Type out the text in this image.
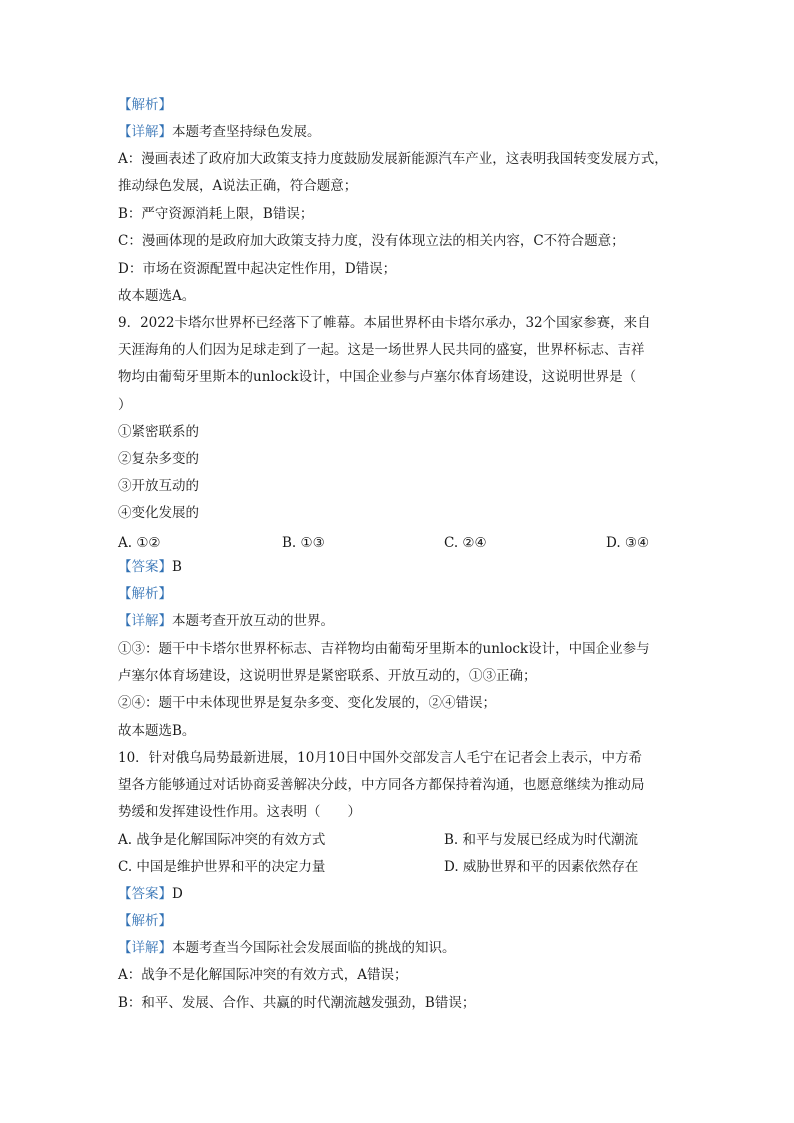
【解析】
【详解】本题考查坚持绿色发展。
A：漫画表述了政府加大政策支持力度鼓励发展新能源汽车产业，这表明我国转变发展方式，
推动绿色发展，A说法正确，符合题意；
B：严守资源消耗上限，B错误；
C：漫画体现的是政府加大政策支持力度，没有体现立法的相关内容，C不符合题意；
D：市场在资源配置中起决定性作用，D错误；
故本题选A。
9．2022卡塔尔世界杯已经落下了帷幕。本届世界杯由卡塔尔承办，32个国家参赛，来自
天涯海角的人们因为足球走到了一起。这是一场世界人民共同的盛宴，世界杯标志、吉祥
物均由葡萄牙里斯本的unlock设计，中国企业参与卢塞尔体育场建设，这说明世界是（
）
①紧密联系的
②复杂多变的
③开放互动的
④变化发展的
A. ①②	B. ①③	C. ②④	D. ③④
【答案】B
【解析】
【详解】本题考查开放互动的世界。
①③：题干中卡塔尔世界杯标志、吉祥物均由葡萄牙里斯本的unlock设计，中国企业参与
卢塞尔体育场建设，这说明世界是紧密联系、开放互动的，①③正确；
②④：题干中未体现世界是复杂多变、变化发展的，②④错误；
故本题选B。
10．针对俄乌局势最新进展，10月10日中国外交部发言人毛宁在记者会上表示，中方希
望各方能够通过对话协商妥善解决分歧，中方同各方都保持着沟通，也愿意继续为推动局
势缓和发挥建设性作用。这表明（　　）
A. 战争是化解国际冲突的有效方式	B. 和平与发展已经成为时代潮流
C. 中国是维护世界和平的决定力量	D. 威胁世界和平的因素依然存在
【答案】D
【解析】
【详解】本题考查当今国际社会发展面临的挑战的知识。
A：战争不是化解国际冲突的有效方式，A错误；
B：和平、发展、合作、共赢的时代潮流越发强劲，B错误；
